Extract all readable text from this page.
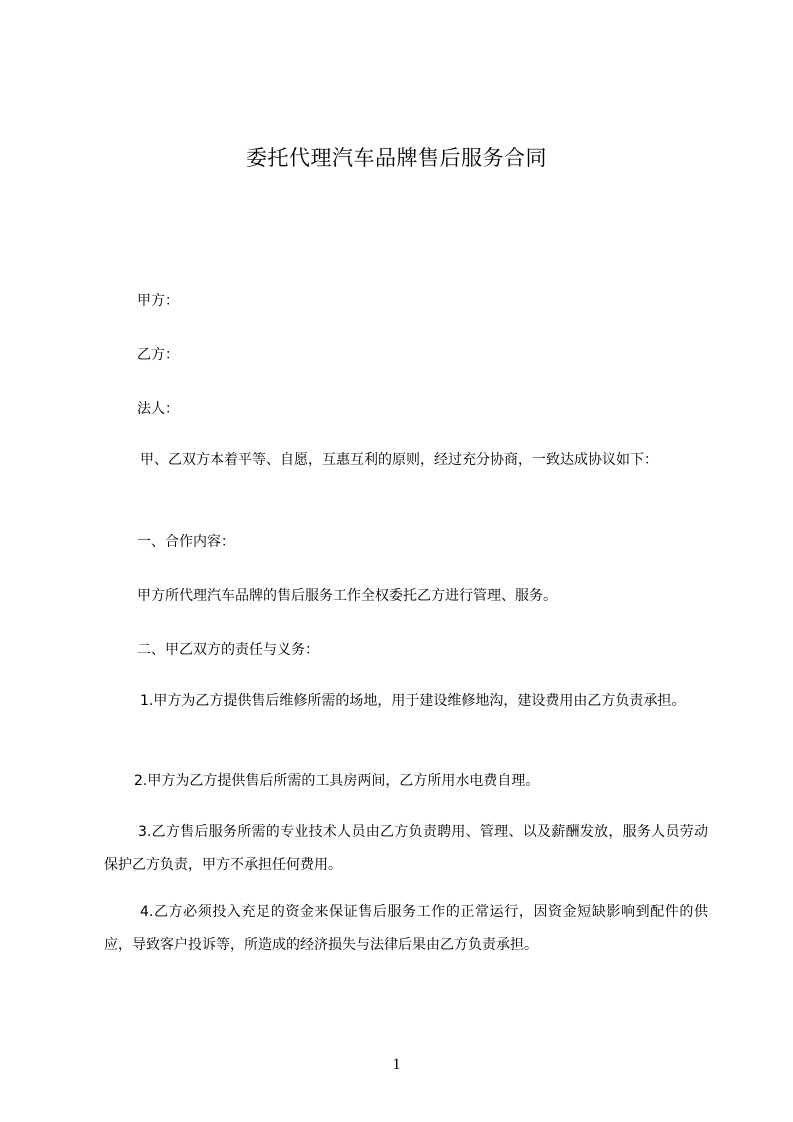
委托代理汽车品牌售后服务合同
甲方：
乙方：
法人：
甲、乙双方本着平等、自愿，互惠互利的原则，经过充分协商，一致达成协议如下：
一、合作内容：
甲方所代理汽车品牌的售后服务工作全权委托乙方进行管理、服务。
二、甲乙双方的责任与义务：
1.甲方为乙方提供售后维修所需的场地，用于建设维修地沟，建设费用由乙方负责承担。
2.甲方为乙方提供售后所需的工具房两间，乙方所用水电费自理。
3.乙方售后服务所需的专业技术人员由乙方负责聘用、管理、以及薪酬发放，服务人员劳动保护乙方负责，甲方不承担任何费用。
4.乙方必须投入充足的资金来保证售后服务工作的正常运行，因资金短缺影响到配件的供应，导致客户投诉等，所造成的经济损失与法律后果由乙方负责承担。
1
